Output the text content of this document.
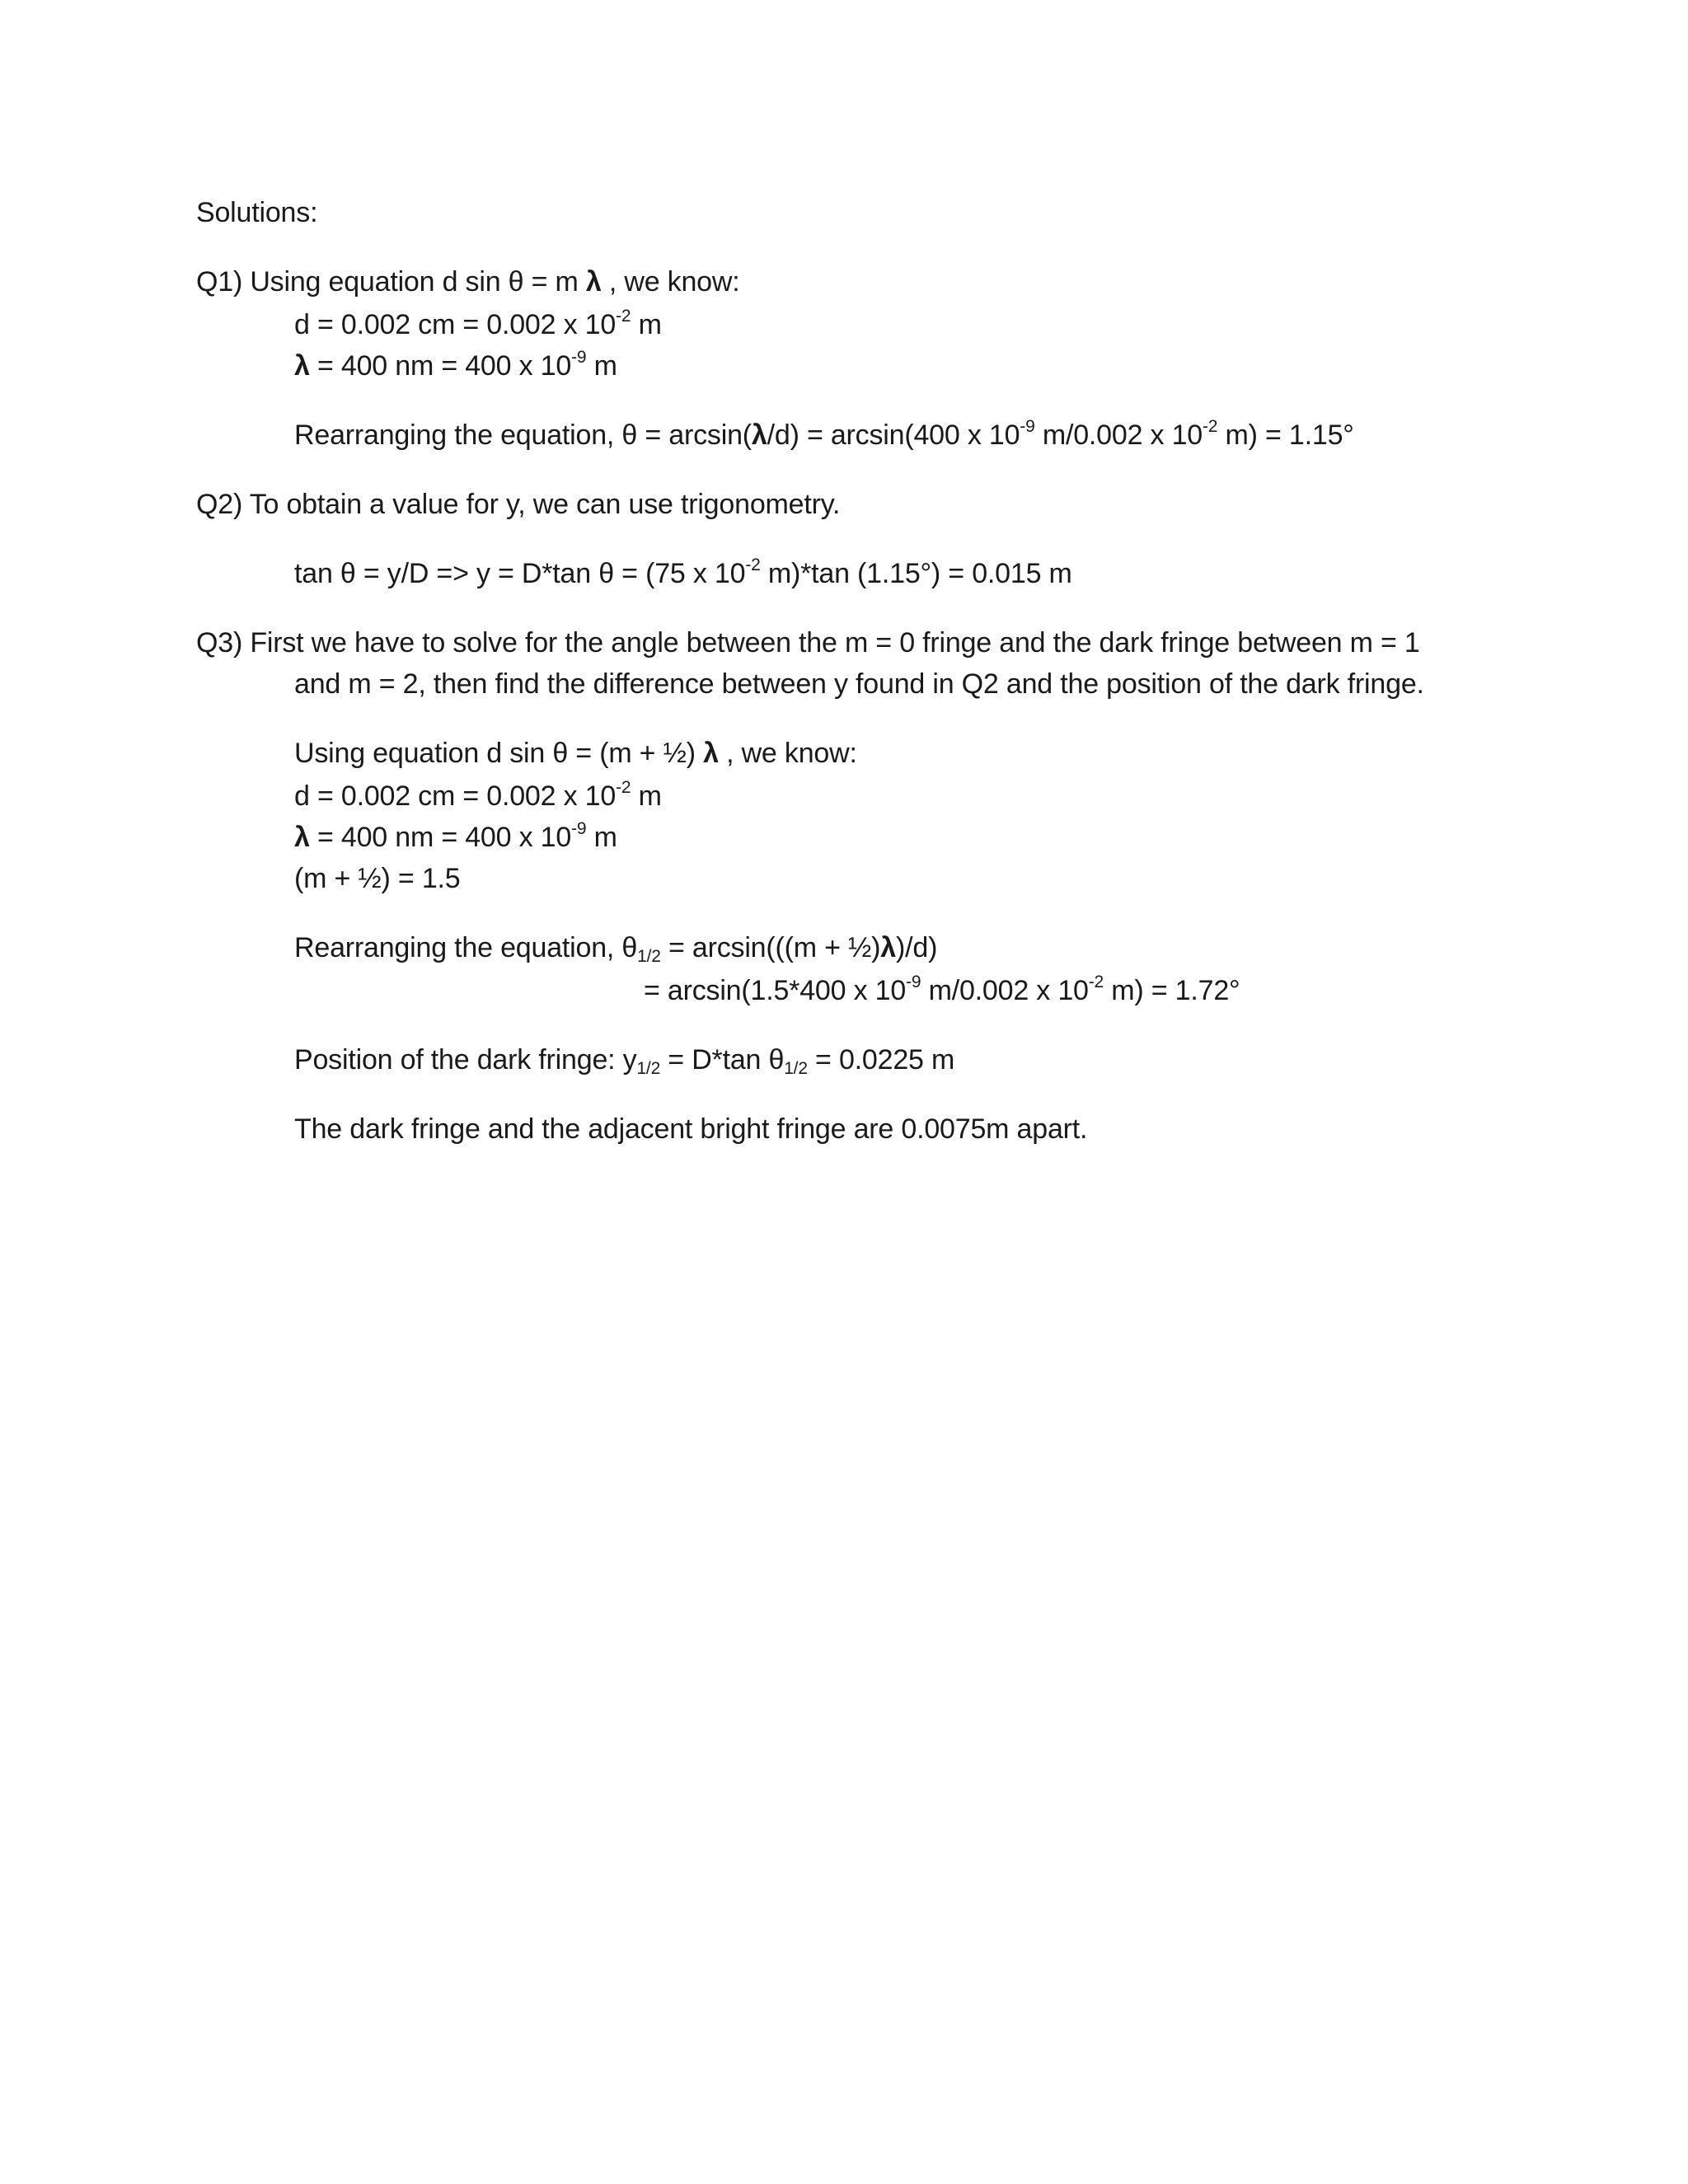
Solutions:
Q1) Using equation d sin θ = m λ , we know:
d = 0.002 cm = 0.002 x $10^{-2}$ m
λ = 400 nm = 400 x $10^{-9}$ m
Rearranging the equation, θ = arcsin(λ/d) = arcsin(400 x $10^{-9}$ m/0.002 x $10^{-2}$ m) = 1.15°
Q2) To obtain a value for y, we can use trigonometry.
tan θ = y/D => y = D*tan θ = (75 x $10^{-2}$ m)*tan (1.15°) = 0.015 m
Q3) First we have to solve for the angle between the m = 0 fringe and the dark fringe between m = 1
and m = 2, then find the difference between y found in Q2 and the position of the dark fringe.
Using equation d sin θ = (m + ½) λ , we know:
d = 0.002 cm = 0.002 x $10^{-2}$ m
λ = 400 nm = 400 x $10^{-9}$ m
(m + ½) = 1.5
Rearranging the equation, $\theta_{1/2} = \arcsin(((m$ + ½)λ)/d)
= arcsin(1.5*400 x $10^{-9}$ m/0.002 x $10^{-2}$ m) = 1.72°
Position of the dark fringe: $y_{1/2} = D*\tan$ $\theta_{1/2} = 0.0225$ m
The dark fringe and the adjacent bright fringe are 0.0075m apart.
